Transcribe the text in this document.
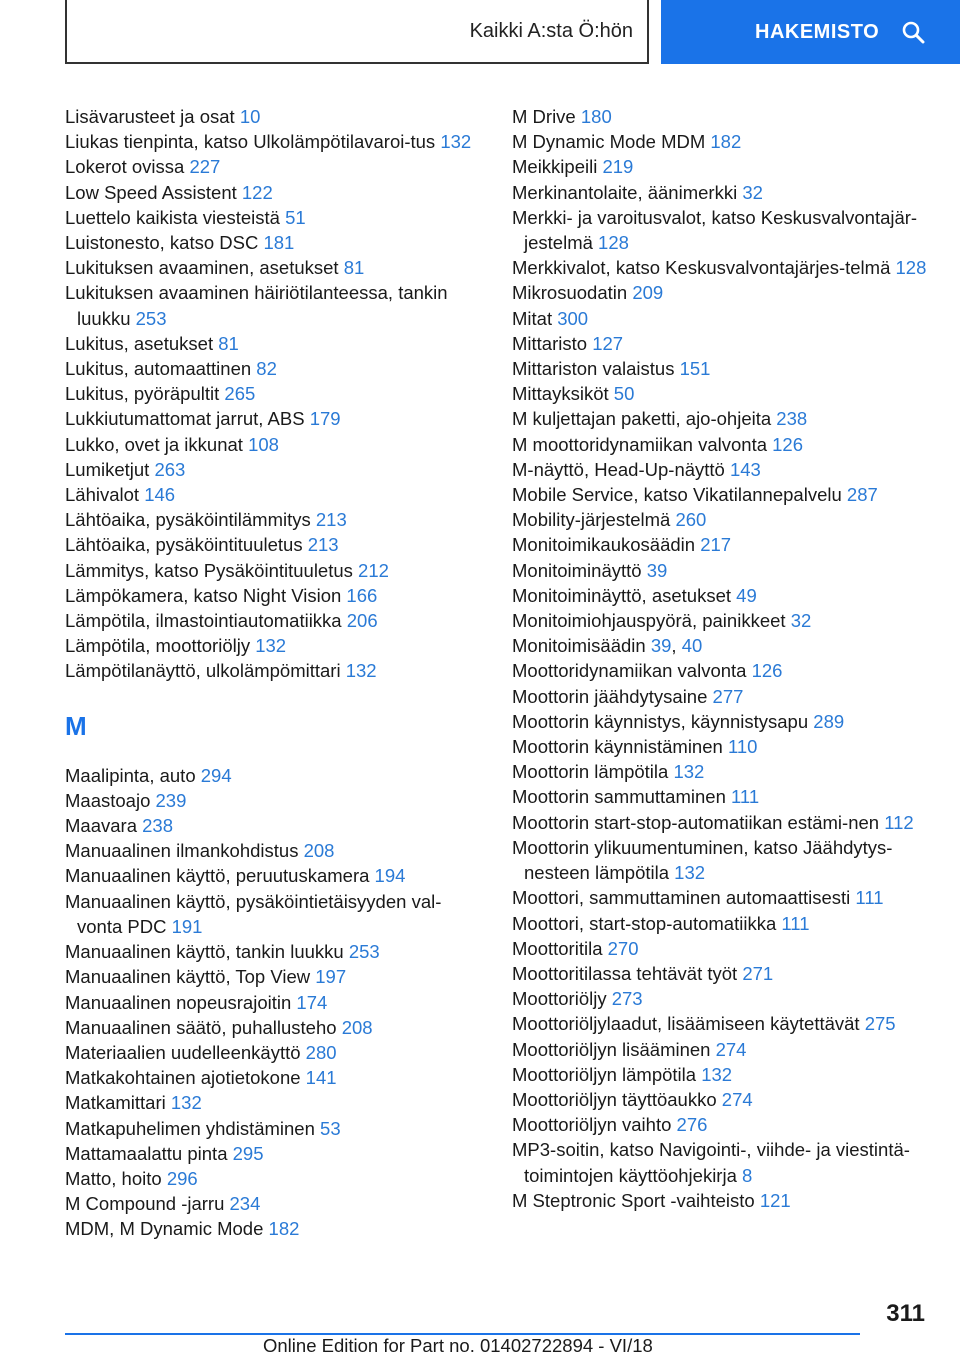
Kaikki A:sta Ö:hön	HAKEMISTO
Lisävarusteet ja osat 10
Liukas tienpinta, katso Ulkolämpötilavaroi‐tus 132
Lokerot ovissa 227
Low Speed Assistent 122
Luettelo kaikista viesteistä 51
Luistonesto, katso DSC 181
Lukituksen avaaminen, asetukset 81
Lukituksen avaaminen häiriötilanteessa, tankin luukku 253
Lukitus, asetukset 81
Lukitus, automaattinen 82
Lukitus, pyöräpultit 265
Lukkiutumattomat jarrut, ABS 179
Lukko, ovet ja ikkunat 108
Lumiketjut 263
Lähivalot 146
Lähtöaika, pysäköintilämmitys 213
Lähtöaika, pysäköintituuletus 213
Lämmitys, katso Pysäköintituuletus 212
Lämpökamera, katso Night Vision 166
Lämpötila, ilmastointiautomatiikka 206
Lämpötila, moottoriöljy 132
Lämpötilanäyttö, ulkolämpömittari 132
M
Maalipinta, auto 294
Maastoajo 239
Maavara 238
Manuaalinen ilmankohdistus 208
Manuaalinen käyttö, peruutuskamera 194
Manuaalinen käyttö, pysäköintietäisyyden val‐vonta PDC 191
Manuaalinen käyttö, tankin luukku 253
Manuaalinen käyttö, Top View 197
Manuaalinen nopeusrajoitin 174
Manuaalinen säätö, puhallusteho 208
Materiaalien uudelleenkäyttö 280
Matkakohtainen ajotietokone 141
Matkamittari 132
Matkapuhelimen yhdistäminen 53
Mattamaalattu pinta 295
Matto, hoito 296
M Compound -jarru 234
MDM, M Dynamic Mode 182
M Drive 180
M Dynamic Mode MDM 182
Meikkipeili 219
Merkinantolaite, äänimerkki 32
Merkki- ja varoitusvalot, katso Keskusvalvontajär‐jestelmä 128
Merkkivalot, katso Keskusvalvontajärjes‐telmä 128
Mikrosuodatin 209
Mitat 300
Mittaristo 127
Mittariston valaistus 151
Mittayksiköt 50
M kuljettajan paketti, ajo-ohjeita 238
M moottoridynamiikan valvonta 126
M-näyttö, Head-Up-näyttö 143
Mobile Service, katso Vikatilannepalvelu 287
Mobility-järjestelmä 260
Monitoimikaukosäädin 217
Monitoiminäyttö 39
Monitoiminäyttö, asetukset 49
Monitoimiohjauspyörä, painikkeet 32
Monitoimisäädin 39, 40
Moottoridynamiikan valvonta 126
Moottorin jäähdytysaine 277
Moottorin käynnistys, käynnistysapu 289
Moottorin käynnistäminen 110
Moottorin lämpötila 132
Moottorin sammuttaminen 111
Moottorin start-stop-automatiikan estämi‐nen 112
Moottorin ylikuumentuminen, katso Jäähdytys‐nesteen lämpötila 132
Moottori, sammuttaminen automaattisesti 111
Moottori, start-stop-automatiikka 111
Moottoritila 270
Moottoritilassa tehtävät työt 271
Moottoriöljy 273
Moottoriöljylaadut, lisäämiseen käytettävät 275
Moottoriöljyn lisääminen 274
Moottoriöljyn lämpötila 132
Moottoriöljyn täyttöaukko 274
Moottoriöljyn vaihto 276
MP3-soitin, katso Navigointi-, viihde- ja viestintä‐toimintojen käyttöohjekirja 8
M Steptronic Sport -vaihteisto 121
311
Online Edition for Part no. 01402722894 - VI/18
